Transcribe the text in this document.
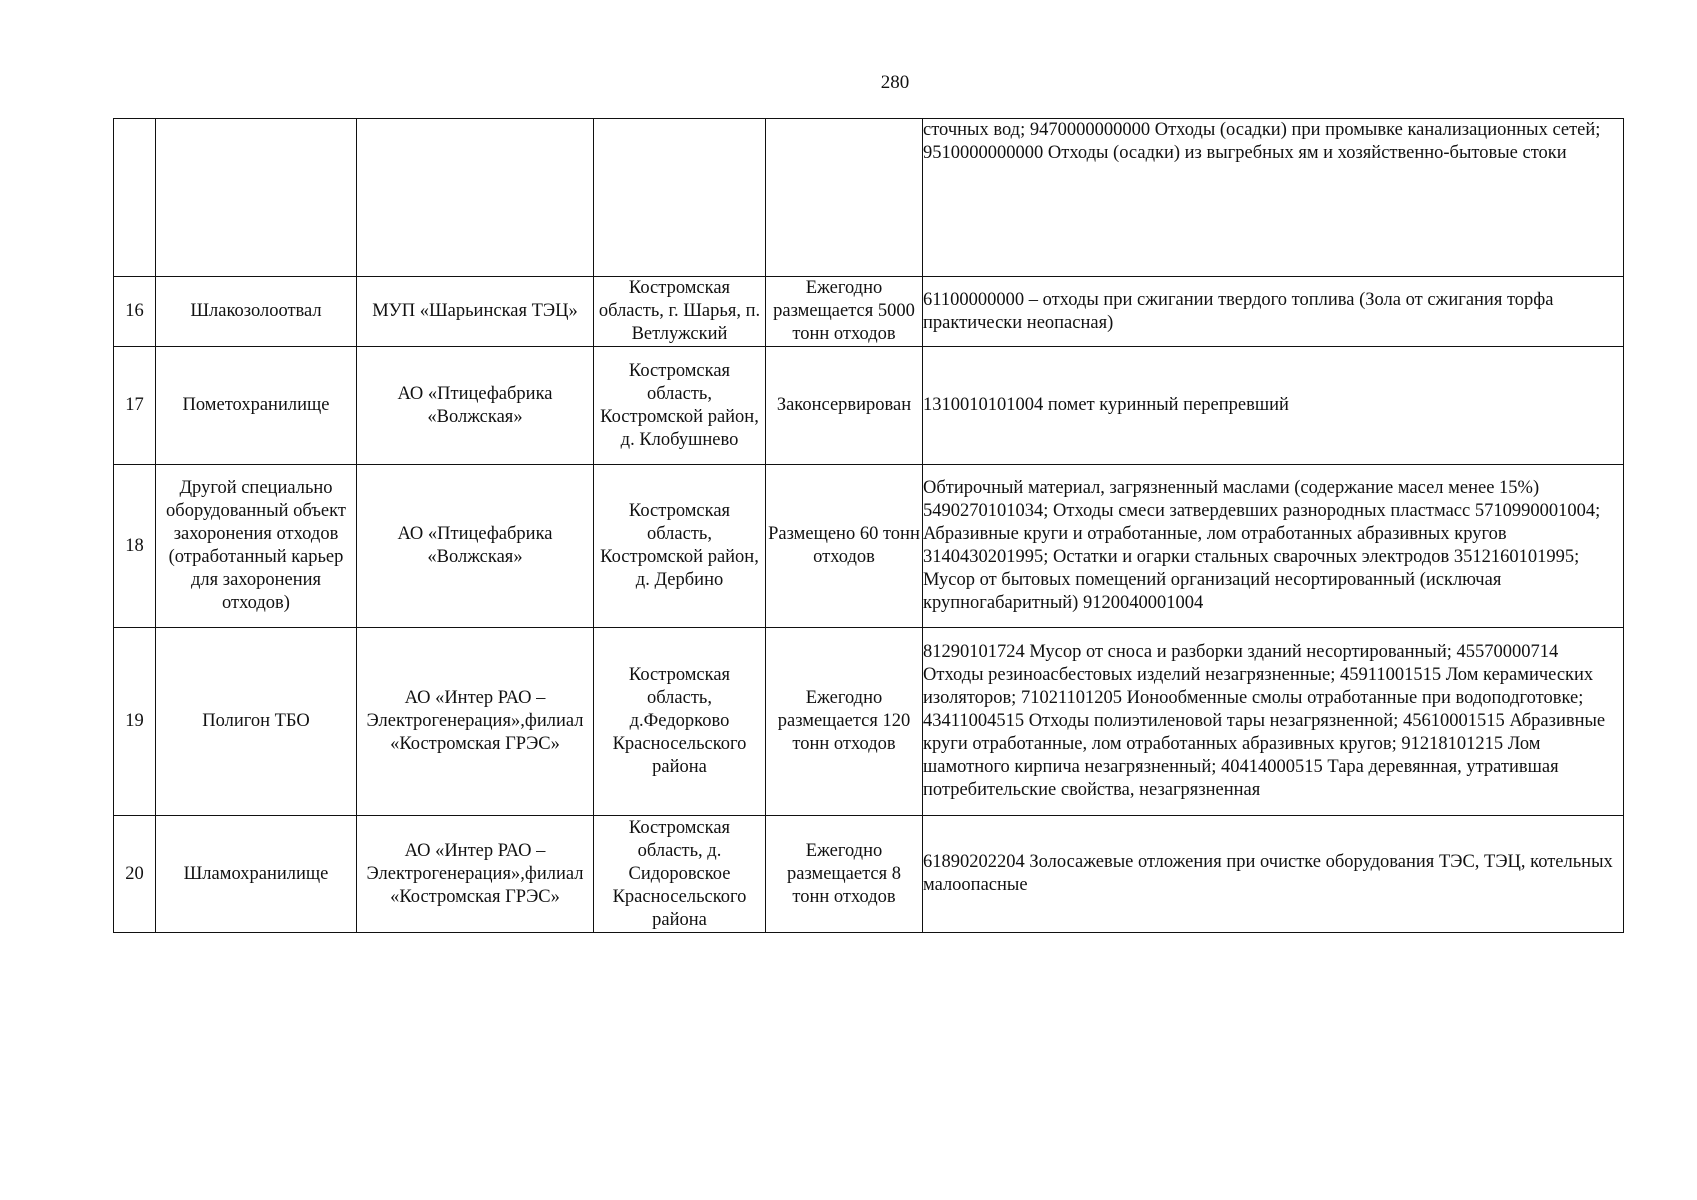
280
					сточных вод; 9470000000000 Отходы (осадки) при промывке канализационных сетей; 9510000000000 Отходы (осадки) из выгребных ям и хозяйственно-бытовые стоки
16	Шлакозолоотвал	МУП «Шарьинская ТЭЦ»	Костромская область, г. Шарья, п. Ветлужский	Ежегодно размещается 5000 тонн отходов	61100000000 – отходы при сжигании твердого топлива (Зола от сжигания торфа практически неопасная)
17	Пометохранилище	АО «Птицефабрика «Волжская»	Костромская область, Костромской район, д. Клобушнево	Законсервирован	1310010101004 помет куринный перепревший
18	Другой специально оборудованный объект захоронения отходов (отработанный карьер для захоронения отходов)	АО «Птицефабрика «Волжская»	Костромская область, Костромской район, д. Дербино	Размещено 60 тонн отходов	Обтирочный материал, загрязненный маслами (содержание масел менее 15%) 5490270101034; Отходы смеси затвердевших разнородных пластмасс 5710990001004; Абразивные круги и отработанные, лом отработанных абразивных кругов 3140430201995; Остатки и огарки стальных сварочных электродов 3512160101995; Мусор от бытовых помещений организаций несортированный (исключая крупногабаритный) 9120040001004
19	Полигон ТБО	АО «Интер РАО – Электрогенерация»,филиал «Костромская ГРЭС»	Костромская область, д.Федорково Красносельского района	Ежегодно размещается 120 тонн отходов	81290101724 Мусор от сноса и разборки зданий несортированный; 45570000714 Отходы резиноасбестовых изделий незагрязненные; 45911001515 Лом керамических изоляторов; 71021101205 Ионообменные смолы отработанные при водоподготовке; 43411004515 Отходы полиэтиленовой тары незагрязненной; 45610001515 Абразивные круги отработанные, лом отработанных абразивных кругов; 91218101215 Лом шамотного кирпича незагрязненный; 40414000515 Тара деревянная, утратившая потребительские свойства, незагрязненная
20	Шламохранилище	АО «Интер РАО – Электрогенерация»,филиал «Костромская ГРЭС»	Костромская область, д. Сидоровское Красносельского района	Ежегодно размещается 8 тонн отходов	61890202204 Золосажевые отложения при очистке оборудования ТЭС, ТЭЦ, котельных малоопасные
